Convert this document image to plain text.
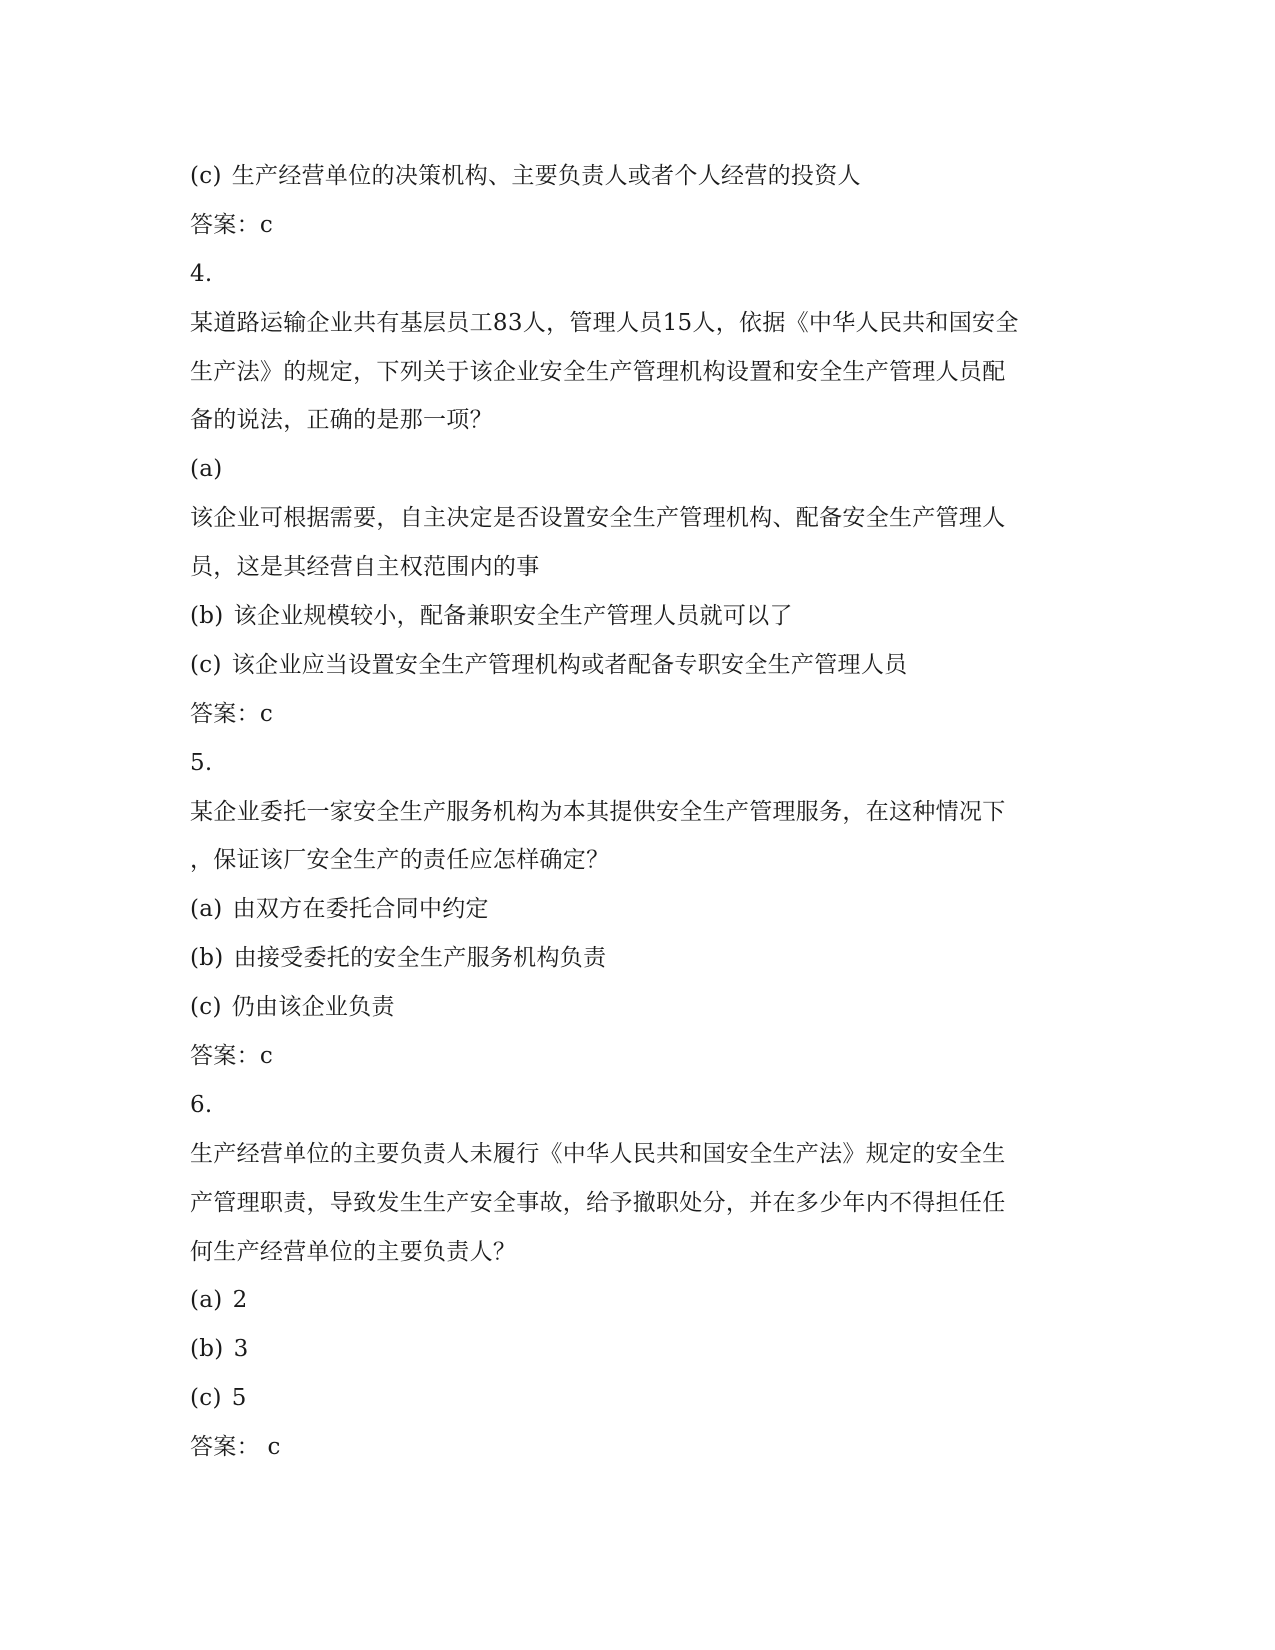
(c) 生产经营单位的决策机构、主要负责人或者个人经营的投资人
答案：c
4.
某道路运输企业共有基层员工83人，管理人员15人，依据《中华人民共和国安全
生产法》的规定，下列关于该企业安全生产管理机构设置和安全生产管理人员配
备的说法，正确的是那一项？
(a)
该企业可根据需要，自主决定是否设置安全生产管理机构、配备安全生产管理人
员，这是其经营自主权范围内的事
(b) 该企业规模较小，配备兼职安全生产管理人员就可以了
(c) 该企业应当设置安全生产管理机构或者配备专职安全生产管理人员
答案：c
5.
某企业委托一家安全生产服务机构为本其提供安全生产管理服务，在这种情况下
，保证该厂安全生产的责任应怎样确定？
(a) 由双方在委托合同中约定
(b) 由接受委托的安全生产服务机构负责
(c) 仍由该企业负责
答案：c
6.
生产经营单位的主要负责人未履行《中华人民共和国安全生产法》规定的安全生
产管理职责，导致发生生产安全事故，给予撤职处分，并在多少年内不得担任任
何生产经营单位的主要负责人？
(a) 2
(b) 3
(c) 5
答案： c
